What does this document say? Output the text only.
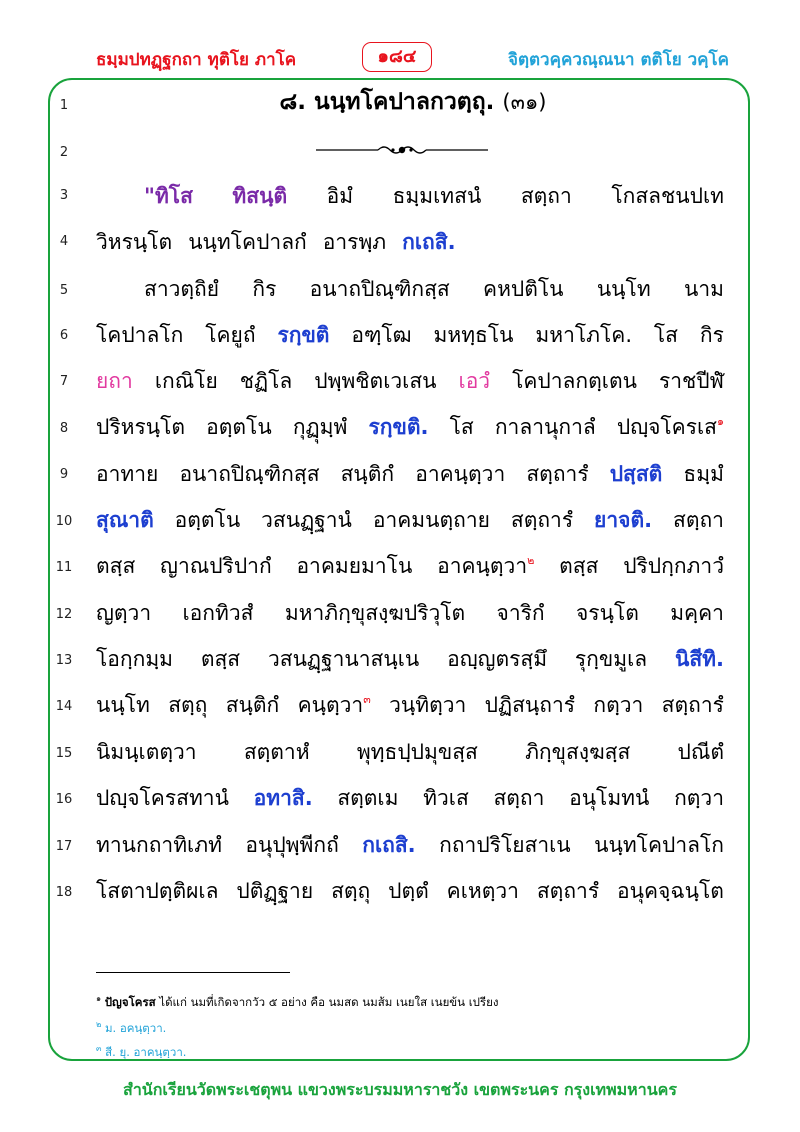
ธมฺมปทฏฺฐกถา ทุติโย ภาโค	๑๘๔	จิตฺตวคฺควณฺณนา ตติโย วคฺโค
1
2
3
4
5
6
7
8
9
10
11
12
13
14
15
16
17
18
๘. นนฺทโคปาลกวตฺถุ. (๓๑)
"ทิโส ทิสนฺติ อิมํ ธมฺมเทสนํ สตฺถา โกสลชนปเท
วิหรนฺโต นนฺทโคปาลกํ อารพฺภ กเถสิ.
สาวตฺถิยํ กิร อนาถปิณฺฑิกสฺส คหปติโน นนฺโท นาม
โคปาลโก โคยูถํ รกฺขติ อฑฺโฒ มหทฺธโน มหาโภโค. โส กิร
ยถา เกณิโย ชฏิโล ปพฺพชิตเวเสน เอวํ โคปาลกตฺเตน ราชปีฬํ
ปริหรนฺโต อตฺตโน กุฏุมฺพํ รกฺขติ. โส กาลานุกาลํ ปญฺจโครเส$^๑$
อาทาย อนาถปิณฺฑิกสฺส สนฺติกํ อาคนฺตฺวา สตฺถารํ ปสฺสติ ธมฺมํ
สุณาติ อตฺตโน วสนฏฺฐานํ อาคมนตฺถาย สตฺถารํ ยาจติ. สตฺถา
ตสฺส ญาณปริปากํ อาคมยมาโน อาคนฺตฺวา$^๒$ ตสฺส ปริปกฺกภาวํ
ญตฺวา เอกทิวสํ มหาภิกฺขุสงฺฆปริวุโต จาริกํ จรนฺโต มคฺคา
โอกฺกมฺม ตสฺส วสนฏฺฐานาสนฺเน อญฺญตรสฺมึ รุกฺขมูเล นิสีทิ.
นนฺโท สตฺถุ สนฺติกํ คนฺตฺวา$^๓$ วนฺทิตฺวา ปฏิสนฺถารํ กตฺวา สตฺถารํ
นิมนฺเตตฺวา สตฺตาหํ พุทฺธปฺปมุขสฺส ภิกฺขุสงฺฆสฺส ปณีตํ
ปญฺจโครสทานํ อทาสิ. สตฺตเม ทิวเส สตฺถา อนุโมทนํ กตฺวา
ทานกถาทิเภทํ อนุปุพฺพีกถํ กเถสิ. กถาปริโยสาเน นนฺทโคปาลโก
โสตาปตฺติผเล ปติฏฺฐาย สตฺถุ ปตฺตํ คเหตฺวา สตฺถารํ อนุคจฺฉนฺโต
$^๑$ ปัญจโครส ได้แก่ นมที่เกิดจากวัว ๕ อย่าง คือ นมสด นมส้ม เนยใส เนยข้น เปรียง
$^๒$ ม. อคนฺตฺวา.
$^๓$ สี. ยุ. อาคนฺตฺวา.
สำนักเรียนวัดพระเชตุพน แขวงพระบรมมหาราชวัง เขตพระนคร กรุงเทพมหานคร
